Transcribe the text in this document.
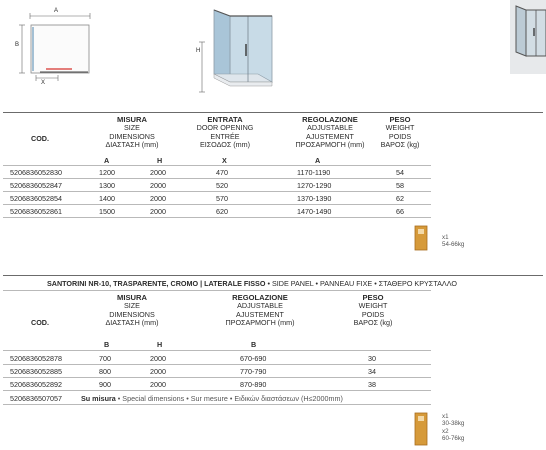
A
B
X
H
COD.
MISURA
SIZE
DIMENSIONS
ΔΙΑΣΤΑΣΗ (mm)
ENTRATA
DOOR OPENING
ENTRÉE
ΕΙΣΟΔΟΣ (mm)
REGOLAZIONE
ADJUSTABLE
AJUSTEMENT
ΠΡΟΣΑΡΜΟΓΗ (mm)
PESO
WEIGHT
POIDS
ΒΑΡΟΣ (kg)
A	H	X	A
5206836052830	1200	2000	470	1170-1190	54
5206836052847	1300	2000	520	1270-1290	58
5206836052854	1400	2000	570	1370-1390	62
5206836052861	1500	2000	620	1470-1490	66
x1
54-66kg
SANTORINI NR-10, TRASPARENTE, CROMO | LATERALE FISSO • SIDE PANEL • PANNEAU FIXE • ΣΤΑΘΕΡΟ ΚΡΥΣΤΑΛΛΟ
COD.
MISURA
SIZE
DIMENSIONS
ΔΙΑΣΤΑΣΗ (mm)
REGOLAZIONE
ADJUSTABLE
AJUSTEMENT
ΠΡΟΣΑΡΜΟΓΗ (mm)
PESO
WEIGHT
POIDS
ΒΑΡΟΣ (kg)
B	H	B
5206836052878	700	2000	670-690	30
5206836052885	800	2000	770-790	34
5206836052892	900	2000	870-890	38
5206836507057	Su misura • Special dimensions • Sur mesure • Ειδικών διαστάσεων (H≤2000mm)
x1
30-38kg
x2
60-76kg
